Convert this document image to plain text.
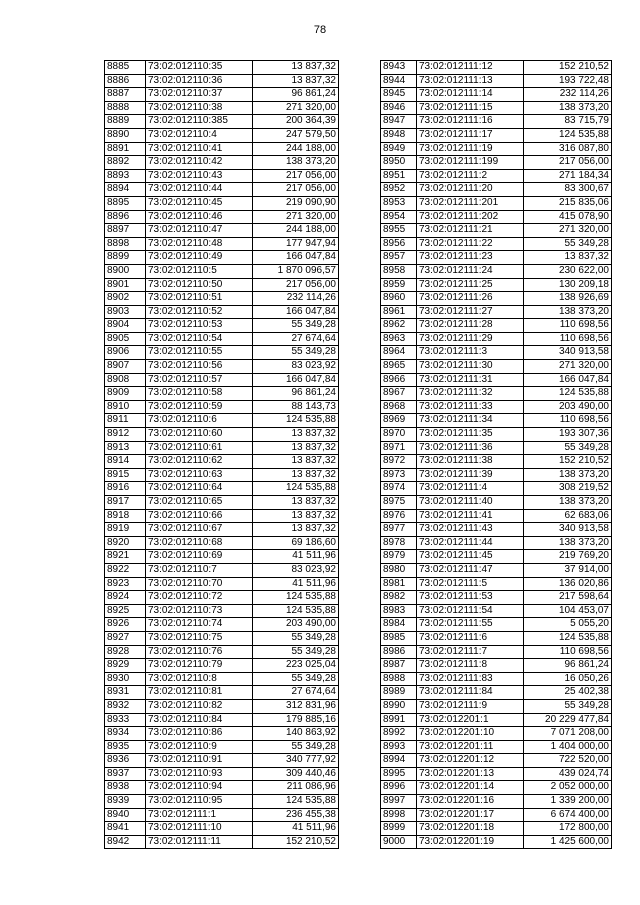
78
8885	73:02:012110:35	13 837,32
8886	73:02:012110:36	13 837,32
8887	73:02:012110:37	96 861,24
8888	73:02:012110:38	271 320,00
8889	73:02:012110:385	200 364,39
8890	73:02:012110:4	247 579,50
8891	73:02:012110:41	244 188,00
8892	73:02:012110:42	138 373,20
8893	73:02:012110:43	217 056,00
8894	73:02:012110:44	217 056,00
8895	73:02:012110:45	219 090,90
8896	73:02:012110:46	271 320,00
8897	73:02:012110:47	244 188,00
8898	73:02:012110:48	177 947,94
8899	73:02:012110:49	166 047,84
8900	73:02:012110:5	1 870 096,57
8901	73:02:012110:50	217 056,00
8902	73:02:012110:51	232 114,26
8903	73:02:012110:52	166 047,84
8904	73:02:012110:53	55 349,28
8905	73:02:012110:54	27 674,64
8906	73:02:012110:55	55 349,28
8907	73:02:012110:56	83 023,92
8908	73:02:012110:57	166 047,84
8909	73:02:012110:58	96 861,24
8910	73:02:012110:59	88 143,73
8911	73:02:012110:6	124 535,88
8912	73:02:012110:60	13 837,32
8913	73:02:012110:61	13 837,32
8914	73:02:012110:62	13 837,32
8915	73:02:012110:63	13 837,32
8916	73:02:012110:64	124 535,88
8917	73:02:012110:65	13 837,32
8918	73:02:012110:66	13 837,32
8919	73:02:012110:67	13 837,32
8920	73:02:012110:68	69 186,60
8921	73:02:012110:69	41 511,96
8922	73:02:012110:7	83 023,92
8923	73:02:012110:70	41 511,96
8924	73:02:012110:72	124 535,88
8925	73:02:012110:73	124 535,88
8926	73:02:012110:74	203 490,00
8927	73:02:012110:75	55 349,28
8928	73:02:012110:76	55 349,28
8929	73:02:012110:79	223 025,04
8930	73:02:012110:8	55 349,28
8931	73:02:012110:81	27 674,64
8932	73:02:012110:82	312 831,96
8933	73:02:012110:84	179 885,16
8934	73:02:012110:86	140 863,92
8935	73:02:012110:9	55 349,28
8936	73:02:012110:91	340 777,92
8937	73:02:012110:93	309 440,46
8938	73:02:012110:94	211 086,96
8939	73:02:012110:95	124 535,88
8940	73:02:012111:1	236 455,38
8941	73:02:012111:10	41 511,96
8942	73:02:012111:11	152 210,52
8943	73:02:012111:12	152 210,52
8944	73:02:012111:13	193 722,48
8945	73:02:012111:14	232 114,26
8946	73:02:012111:15	138 373,20
8947	73:02:012111:16	83 715,79
8948	73:02:012111:17	124 535,88
8949	73:02:012111:19	316 087,80
8950	73:02:012111:199	217 056,00
8951	73:02:012111:2	271 184,34
8952	73:02:012111:20	83 300,67
8953	73:02:012111:201	215 835,06
8954	73:02:012111:202	415 078,90
8955	73:02:012111:21	271 320,00
8956	73:02:012111:22	55 349,28
8957	73:02:012111:23	13 837,32
8958	73:02:012111:24	230 622,00
8959	73:02:012111:25	130 209,18
8960	73:02:012111:26	138 926,69
8961	73:02:012111:27	138 373,20
8962	73:02:012111:28	110 698,56
8963	73:02:012111:29	110 698,56
8964	73:02:012111:3	340 913,58
8965	73:02:012111:30	271 320,00
8966	73:02:012111:31	166 047,84
8967	73:02:012111:32	124 535,88
8968	73:02:012111:33	203 490,00
8969	73:02:012111:34	110 698,56
8970	73:02:012111:35	193 307,36
8971	73:02:012111:36	55 349,28
8972	73:02:012111:38	152 210,52
8973	73:02:012111:39	138 373,20
8974	73:02:012111:4	308 219,52
8975	73:02:012111:40	138 373,20
8976	73:02:012111:41	62 683,06
8977	73:02:012111:43	340 913,58
8978	73:02:012111:44	138 373,20
8979	73:02:012111:45	219 769,20
8980	73:02:012111:47	37 914,00
8981	73:02:012111:5	136 020,86
8982	73:02:012111:53	217 598,64
8983	73:02:012111:54	104 453,07
8984	73:02:012111:55	5 055,20
8985	73:02:012111:6	124 535,88
8986	73:02:012111:7	110 698,56
8987	73:02:012111:8	96 861,24
8988	73:02:012111:83	16 050,26
8989	73:02:012111:84	25 402,38
8990	73:02:012111:9	55 349,28
8991	73:02:012201:1	20 229 477,84
8992	73:02:012201:10	7 071 208,00
8993	73:02:012201:11	1 404 000,00
8994	73:02:012201:12	722 520,00
8995	73:02:012201:13	439 024,74
8996	73:02:012201:14	2 052 000,00
8997	73:02:012201:16	1 339 200,00
8998	73:02:012201:17	6 674 400,00
8999	73:02:012201:18	172 800,00
9000	73:02:012201:19	1 425 600,00
